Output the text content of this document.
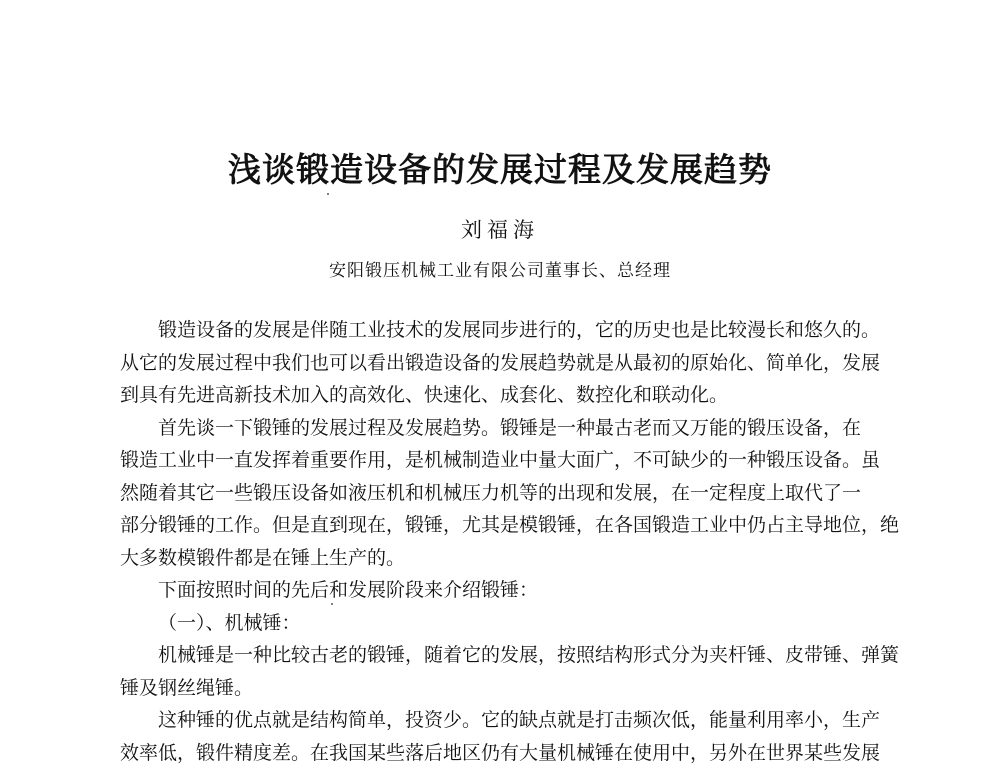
浅谈锻造设备的发展过程及发展趋势
刘福海
安阳锻压机械工业有限公司董事长、总经理
锻造设备的发展是伴随工业技术的发展同步进行的，它的历史也是比较漫长和悠久的。
从它的发展过程中我们也可以看出锻造设备的发展趋势就是从最初的原始化、简单化，发展
到具有先进高新技术加入的高效化、快速化、成套化、数控化和联动化。
首先谈一下锻锤的发展过程及发展趋势。锻锤是一种最古老而又万能的锻压设备，在
锻造工业中一直发挥着重要作用，是机械制造业中量大面广，不可缺少的一种锻压设备。虽
然随着其它一些锻压设备如液压机和机械压力机等的出现和发展，在一定程度上取代了一
部分锻锤的工作。但是直到现在，锻锤，尤其是模锻锤，在各国锻造工业中仍占主导地位，绝
大多数模锻件都是在锤上生产的。
下面按照时间的先后和发展阶段来介绍锻锤：
（一）、机械锤：
机械锤是一种比较古老的锻锤，随着它的发展，按照结构形式分为夹杆锤、皮带锤、弹簧
锤及钢丝绳锤。
这种锤的优点就是结构简单，投资少。它的缺点就是打击频次低，能量利用率小，生产
效率低，锻件精度差。在我国某些落后地区仍有大量机械锤在使用中，另外在世界某些发展
